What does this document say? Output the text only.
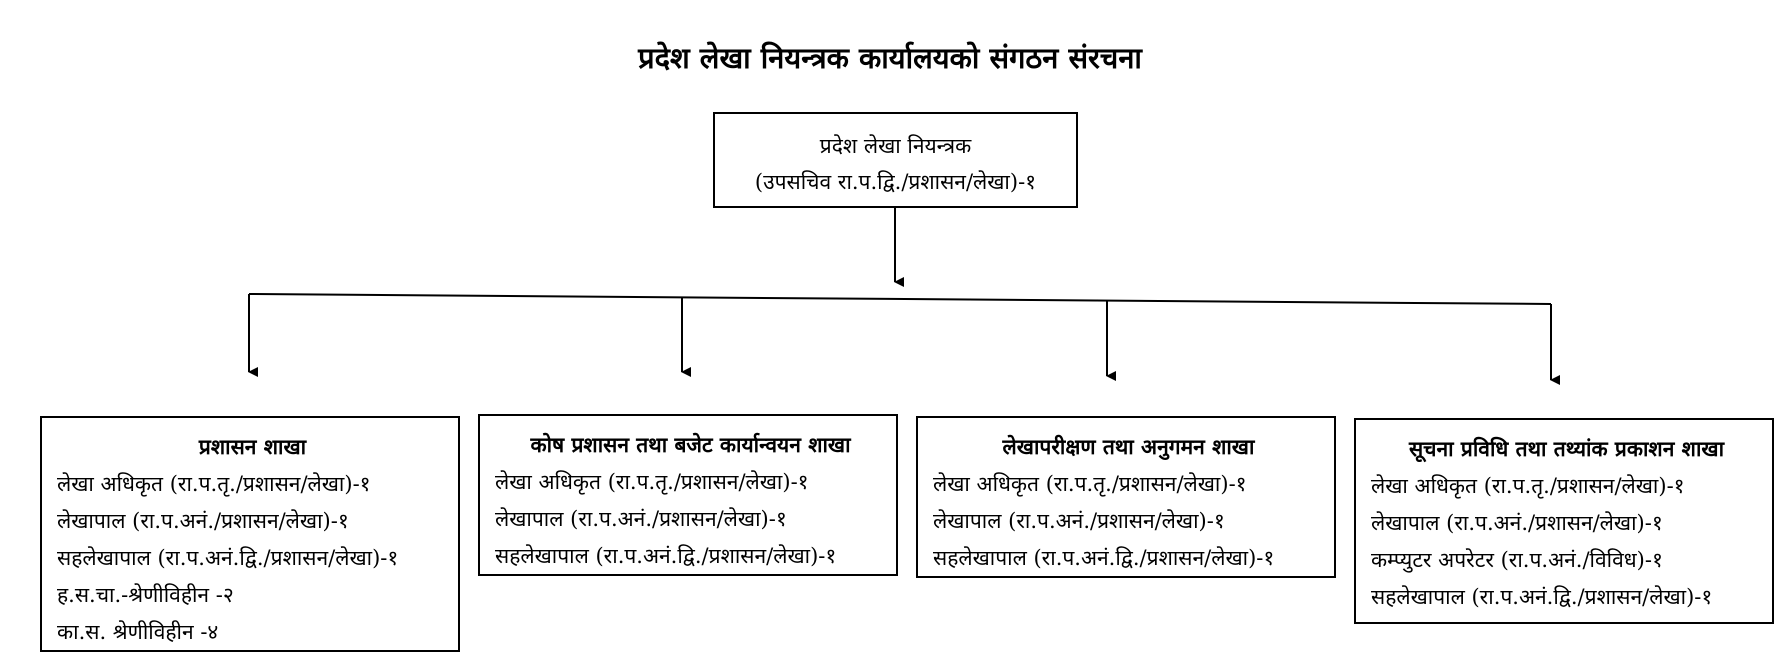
प्रदेश लेखा नियन्त्रक कार्यालयको संगठन संरचना
प्रदेश लेखा नियन्त्रक
(उपसचिव रा.प.द्वि./प्रशासन/लेखा)-१
प्रशासन शाखा
लेखा अधिकृत (रा.प.तृ./प्रशासन/लेखा)-१
लेखापाल (रा.प.अनं./प्रशासन/लेखा)-१
सहलेखापाल (रा.प.अनं.द्वि./प्रशासन/लेखा)-१
ह.स.चा.-श्रेणीविहीन -२
का.स. श्रेणीविहीन -४
कोष प्रशासन तथा बजेट कार्यान्वयन शाखा
लेखा अधिकृत (रा.प.तृ./प्रशासन/लेखा)-१
लेखापाल (रा.प.अनं./प्रशासन/लेखा)-१
सहलेखापाल (रा.प.अनं.द्वि./प्रशासन/लेखा)-१
लेखापरीक्षण तथा अनुगमन शाखा
लेखा अधिकृत (रा.प.तृ./प्रशासन/लेखा)-१
लेखापाल (रा.प.अनं./प्रशासन/लेखा)-१
सहलेखापाल (रा.प.अनं.द्वि./प्रशासन/लेखा)-१
सूचना प्रविधि तथा तथ्यांक प्रकाशन शाखा
लेखा अधिकृत (रा.प.तृ./प्रशासन/लेखा)-१
लेखापाल (रा.प.अनं./प्रशासन/लेखा)-१
कम्प्युटर अपरेटर (रा.प.अनं./विविध)-१
सहलेखापाल (रा.प.अनं.द्वि./प्रशासन/लेखा)-१
